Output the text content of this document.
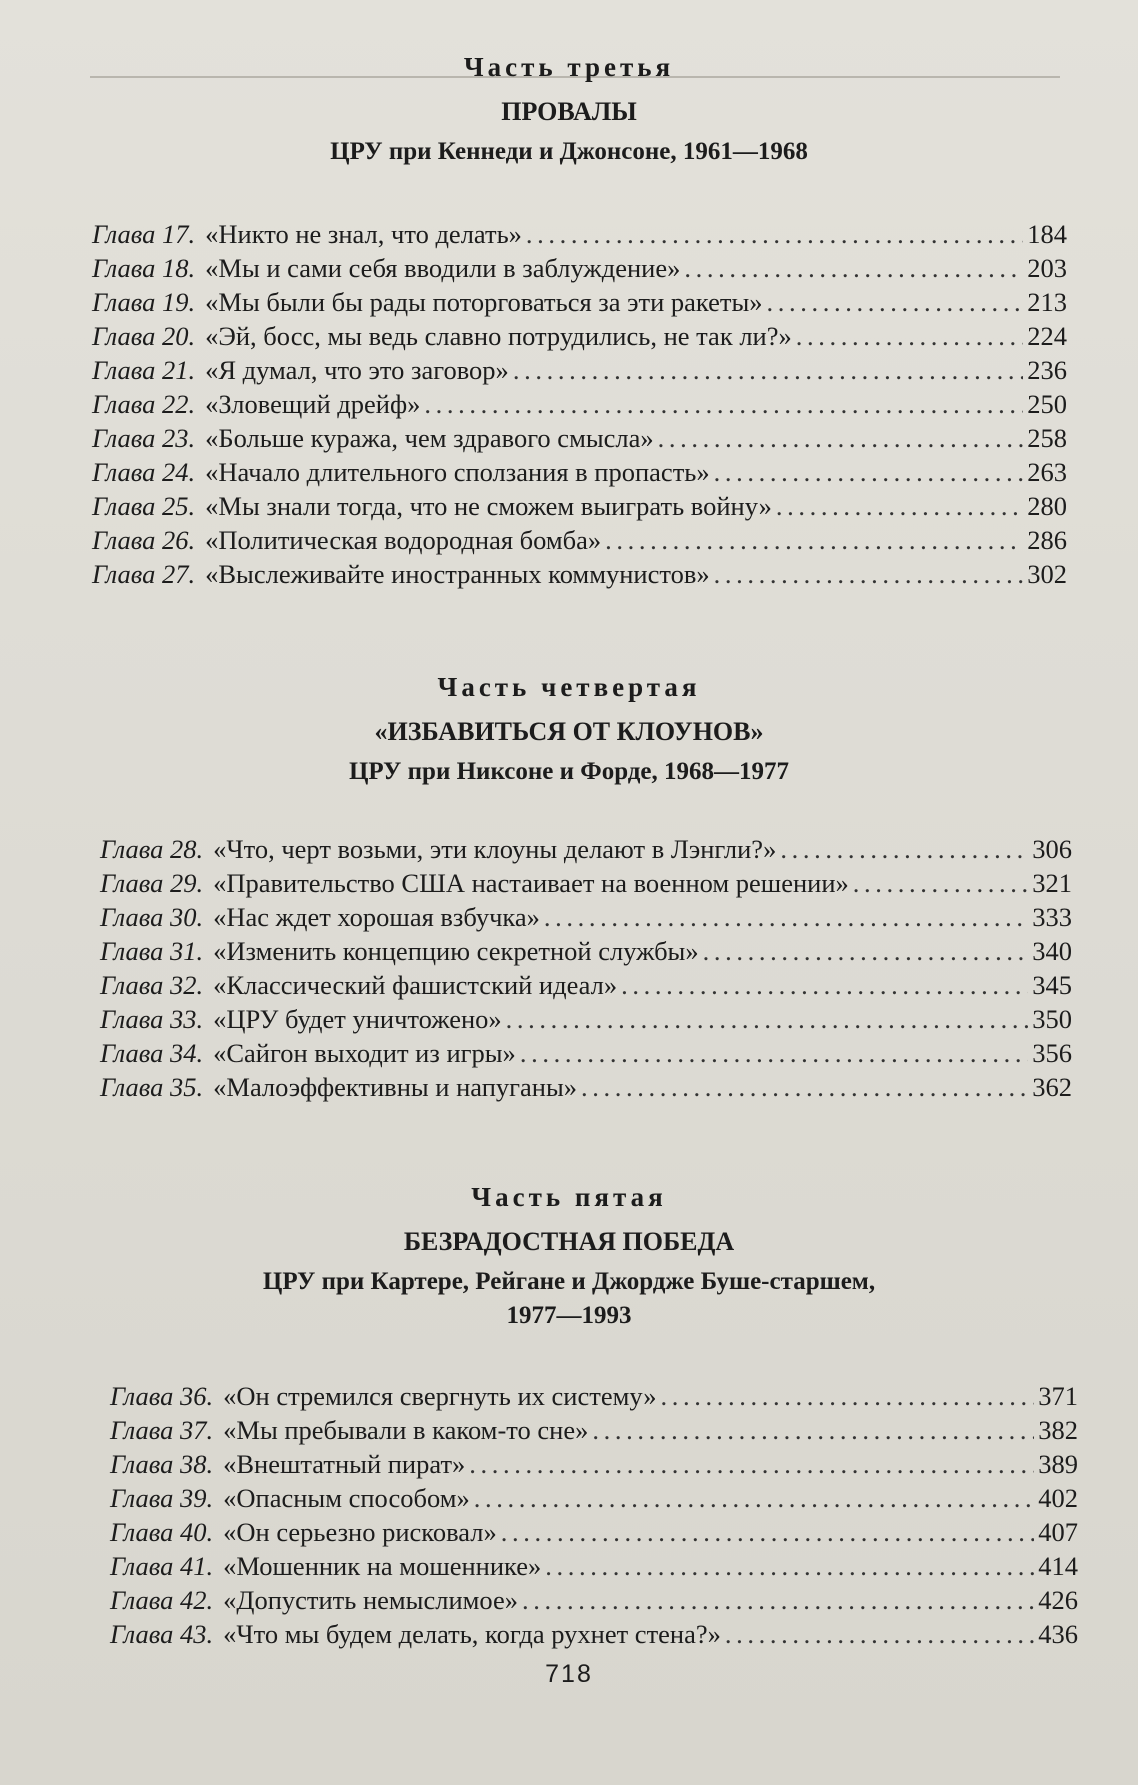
Часть третья

ПРОВАЛЫ

ЦРУ при Кеннеди и Джонсоне, 1961—1968

Глава 17. «Никто не знал, что делать» . . .	184
Глава 18. «Мы и сами себя вводили в заблуждение» . . .	203
Глава 19. «Мы были бы рады поторговаться за эти ракеты» . . .	213
Глава 20. «Эй, босс, мы ведь славно потрудились, не так ли?» . . .	224
Глава 21. «Я думал, что это заговор» . . .	236
Глава 22. «Зловещий дрейф» . . .	250
Глава 23. «Больше куража, чем здравого смысла» . . .	258
Глава 24. «Начало длительного сползания в пропасть» . . .	263
Глава 25. «Мы знали тогда, что не сможем выиграть войну» . . .	280
Глава 26. «Политическая водородная бомба» . . .	286
Глава 27. «Выслеживайте иностранных коммунистов» . . .	302

Часть четвертая

«ИЗБАВИТЬСЯ ОТ КЛОУНОВ»

ЦРУ при Никсоне и Форде, 1968—1977

Глава 28. «Что, черт возьми, эти клоуны делают в Лэнгли?» . . .	306
Глава 29. «Правительство США настаивает на военном решении» . . .	321
Глава 30. «Нас ждет хорошая взбучка» . . .	333
Глава 31. «Изменить концепцию секретной службы» . . .	340
Глава 32. «Классический фашистский идеал» . . .	345
Глава 33. «ЦРУ будет уничтожено» . . .	350
Глава 34. «Сайгон выходит из игры» . . .	356
Глава 35. «Малоэффективны и напуганы» . . .	362

Часть пятая

БЕЗРАДОСТНАЯ ПОБЕДА

ЦРУ при Картере, Рейгане и Джордже Буше-старшем,

1977—1993

Глава 36. «Он стремился свергнуть их систему» . . .	371
Глава 37. «Мы пребывали в каком-то сне» . . .	382
Глава 38. «Внештатный пират» . . .	389
Глава 39. «Опасным способом» . . .	402
Глава 40. «Он серьезно рисковал» . . .	407
Глава 41. «Мошенник на мошеннике» . . .	414
Глава 42. «Допустить немыслимое» . . .	426
Глава 43. «Что мы будем делать, когда рухнет стена?» . . .	436
718
